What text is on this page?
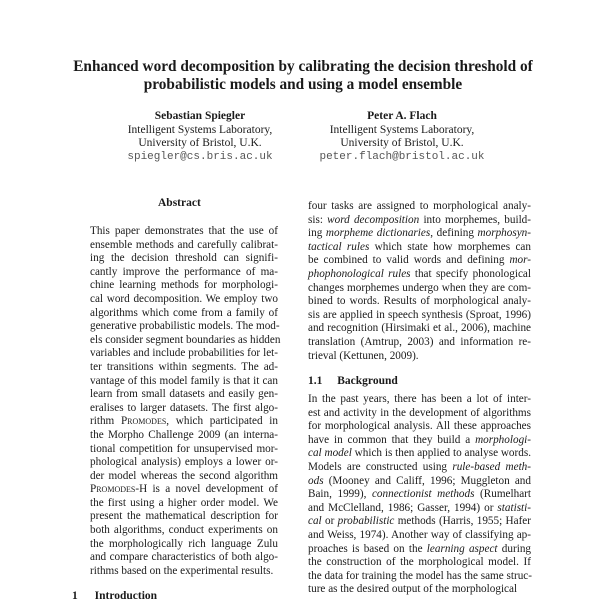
Enhanced word decomposition by calibrating the decision threshold of
probabilistic models and using a model ensemble
Sebastian Spiegler
Intelligent Systems Laboratory,
University of Bristol, U.K.
spiegler@cs.bris.ac.uk
Peter A. Flach
Intelligent Systems Laboratory,
University of Bristol, U.K.
peter.flach@bristol.ac.uk
Abstract
This paper demonstrates that the use of
ensemble methods and carefully calibrat-
ing the decision threshold can signifi-
cantly improve the performance of ma-
chine learning methods for morphologi-
cal word decomposition. We employ two
algorithms which come from a family of
generative probabilistic models. The mod-
els consider segment boundaries as hidden
variables and include probabilities for let-
ter transitions within segments. The ad-
vantage of this model family is that it can
learn from small datasets and easily gen-
eralises to larger datasets. The first algo-
rithm Promodes, which participated in
the Morpho Challenge 2009 (an interna-
tional competition for unsupervised mor-
phological analysis) employs a lower or-
der model whereas the second algorithm
Promodes-H is a novel development of
the first using a higher order model. We
present the mathematical description for
both algorithms, conduct experiments on
the morphologically rich language Zulu
and compare characteristics of both algo-
rithms based on the experimental results.
1 Introduction
four tasks are assigned to morphological analy-
sis: word decomposition into morphemes, build-
ing morpheme dictionaries, defining morphosyn-
tactical rules which state how morphemes can
be combined to valid words and defining mor-
phophonological rules that specify phonological
changes morphemes undergo when they are com-
bined to words. Results of morphological analy-
sis are applied in speech synthesis (Sproat, 1996)
and recognition (Hirsimaki et al., 2006), machine
translation (Amtrup, 2003) and information re-
trieval (Kettunen, 2009).
1.1 Background
In the past years, there has been a lot of inter-
est and activity in the development of algorithms
for morphological analysis. All these approaches
have in common that they build a morphologi-
cal model which is then applied to analyse words.
Models are constructed using rule-based meth-
ods (Mooney and Califf, 1996; Muggleton and
Bain, 1999), connectionist methods (Rumelhart
and McClelland, 1986; Gasser, 1994) or statisti-
cal or probabilistic methods (Harris, 1955; Hafer
and Weiss, 1974). Another way of classifying ap-
proaches is based on the learning aspect during
the construction of the morphological model. If
the data for training the model has the same struc-
ture as the desired output of the morphological
